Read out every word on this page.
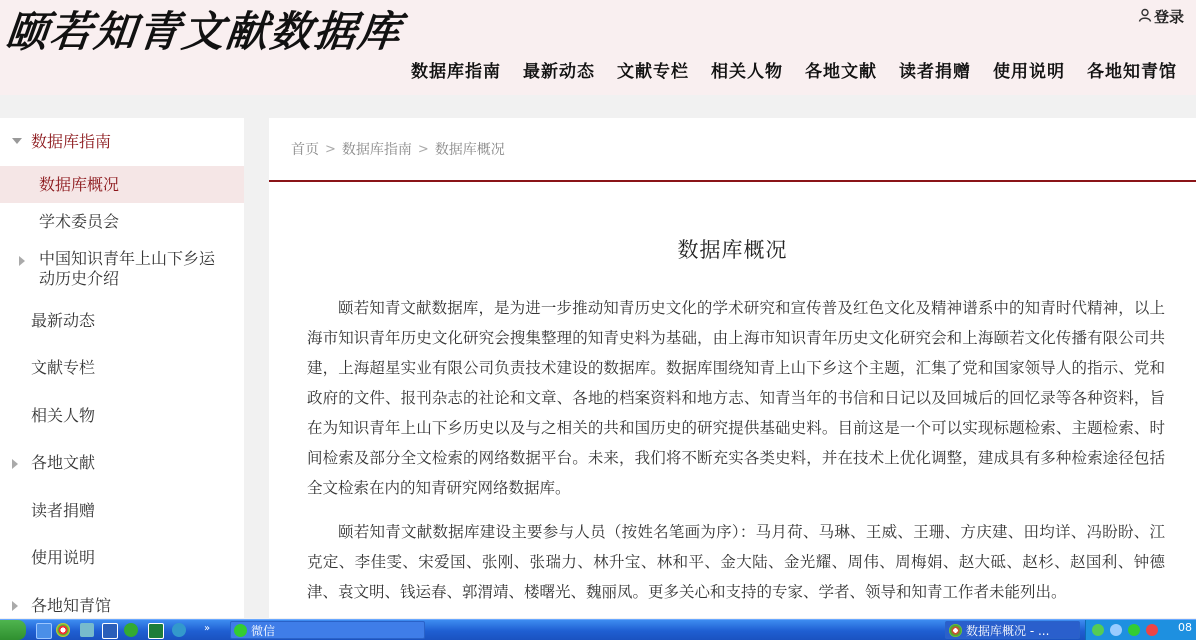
颐若知青文献数据库	登录
数据库指南	最新动态	文献专栏	相关人物	各地文献	读者捐赠	使用说明	各地知青馆
数据库指南
数据库概况
学术委员会
中国知识青年上山下乡运动历史介绍
最新动态
文献专栏
相关人物
各地文献
读者捐赠
使用说明
各地知青馆
首页 > 数据库指南 > 数据库概况
数据库概况

颐若知青文献数据库，是为进一步推动知青历史文化的学术研究和宣传普及红色文化及精神谱系中的知青时代精神，以上海市知识青年历史文化研究会搜集整理的知青史料为基础，由上海市知识青年历史文化研究会和上海颐若文化传播有限公司共建，上海超星实业有限公司负责技术建设的数据库。数据库围绕知青上山下乡这个主题，汇集了党和国家领导人的指示、党和政府的文件、报刊杂志的社论和文章、各地的档案资料和地方志、知青当年的书信和日记以及回城后的回忆录等各种资料，旨在为知识青年上山下乡历史以及与之相关的共和国历史的研究提供基础史料。目前这是一个可以实现标题检索、主题检索、时间检索及部分全文检索的网络数据平台。未来，我们将不断充实各类史料，并在技术上优化调整，建成具有多种检索途径包括全文检索在内的知青研究网络数据库。

颐若知青文献数据库建设主要参与人员（按姓名笔画为序）：马月荷、马琳、王威、王珊、方庆建、田均详、冯盼盼、江克定、李佳雯、宋爱国、张刚、张瑞力、林升宝、林和平、金大陆、金光耀、周伟、周梅娟、赵大砥、赵杉、赵国利、钟德津、袁文明、钱运春、郭渭靖、楼曙光、魏丽凤。更多关心和支持的专家、学者、领导和知青工作者未能列出。

»	微信	数据库概况 - ...	08
